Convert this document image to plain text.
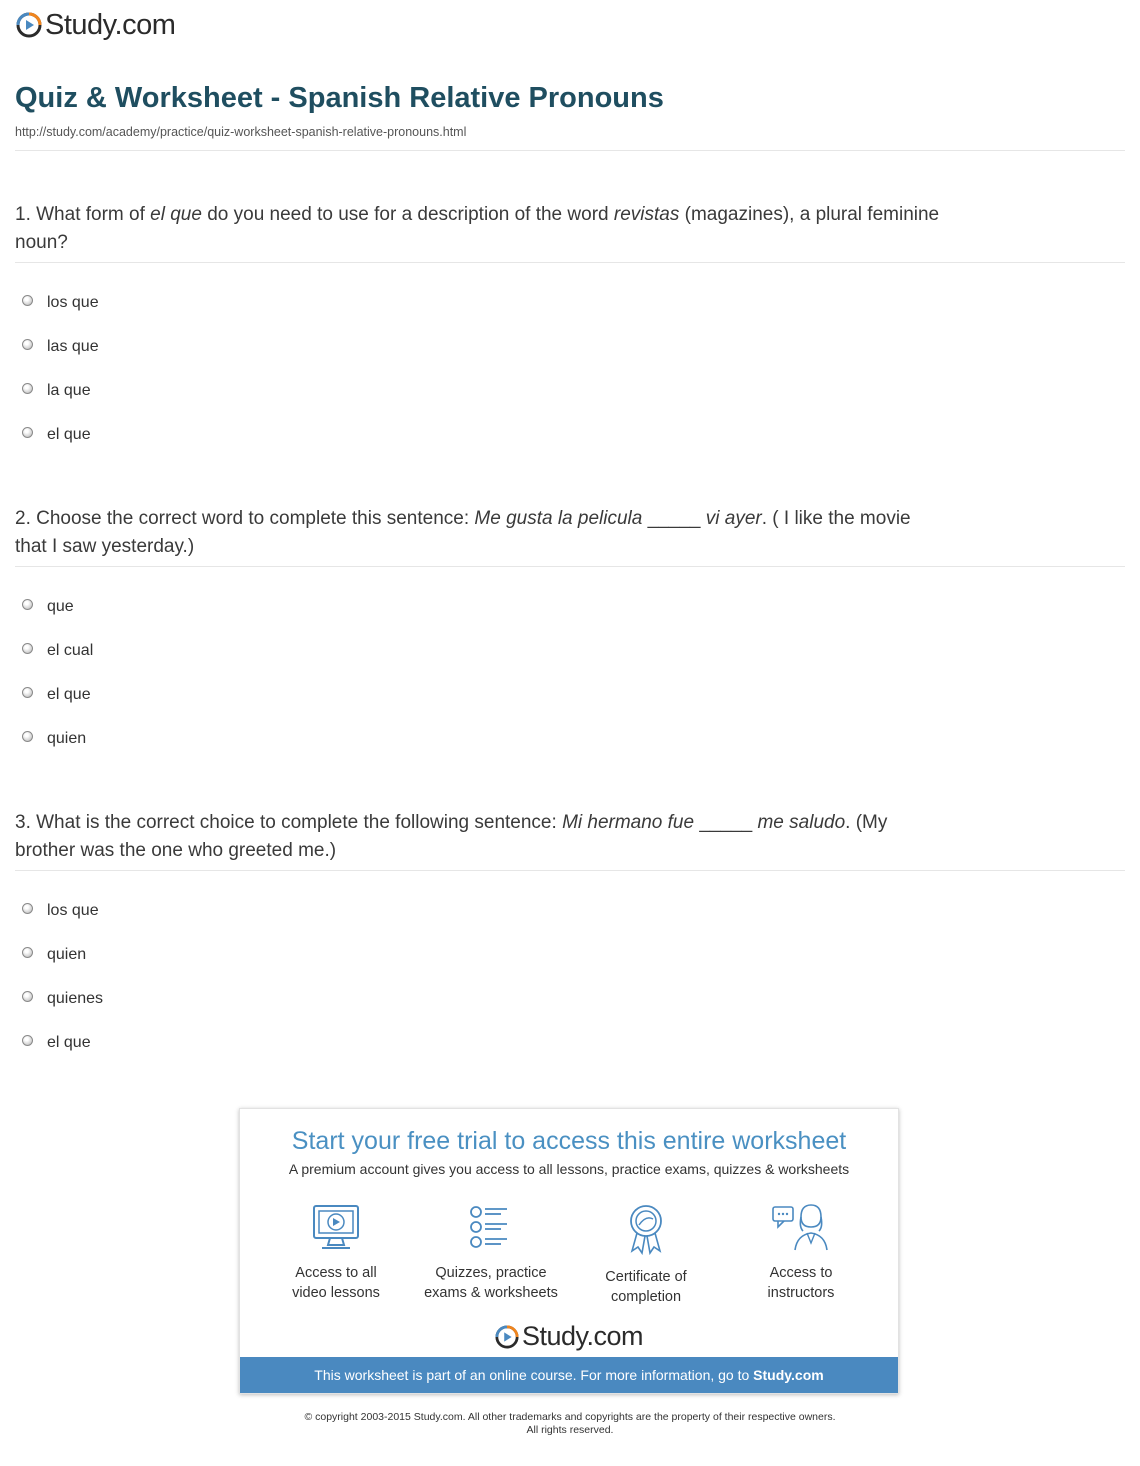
Study.com
Quiz & Worksheet - Spanish Relative Pronouns
http://study.com/academy/practice/quiz-worksheet-spanish-relative-pronouns.html

1. What form of el que do you need to use for a description of the word revistas (magazines), a plural feminine noun?

los que
las que
la que
el que

2. Choose the correct word to complete this sentence: Me gusta la pelicula _____ vi ayer. ( I like the movie that I saw yesterday.)

que
el cual
el que
quien

3. What is the correct choice to complete the following sentence: Mi hermano fue _____ me saludo. (My brother was the one who greeted me.)

los que
quien
quienes
el que
Start your free trial to access this entire worksheet
A premium account gives you access to all lessons, practice exams, quizzes & worksheets
Access to all
video lessons
Quizzes, practice
exams & worksheets
Certificate of
completion
Access to
instructors
Study.com
This worksheet is part of an online course. For more information, go to Study.com
© copyright 2003-2015 Study.com. All other trademarks and copyrights are the property of their respective owners.
All rights reserved.
